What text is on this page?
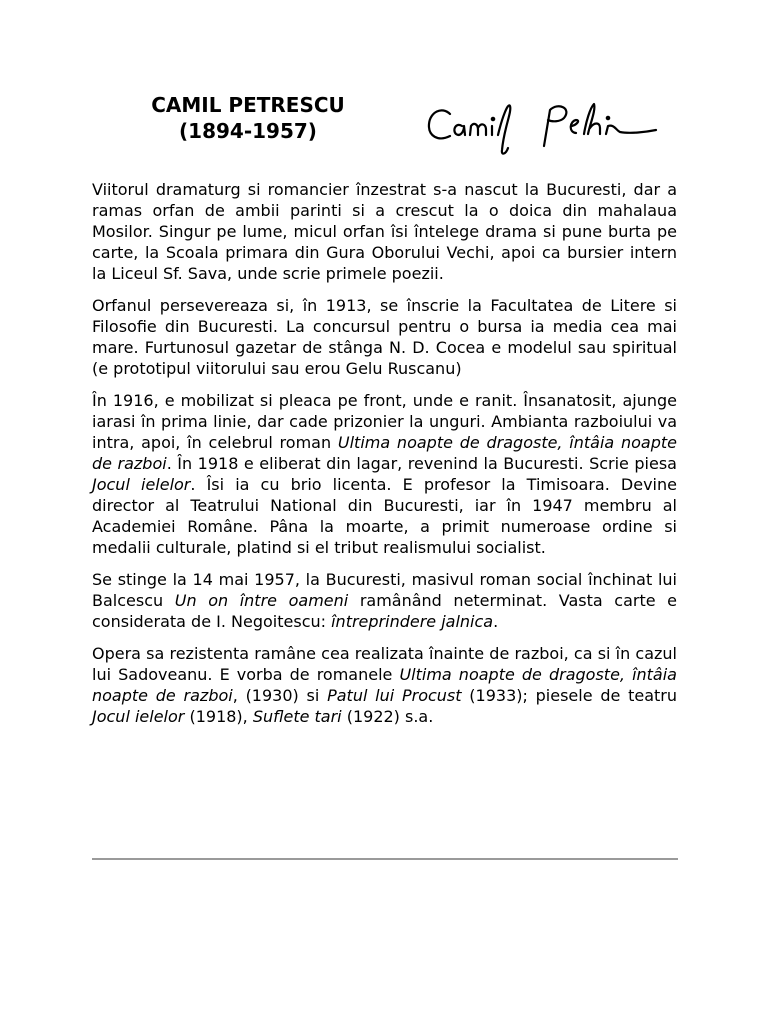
CAMIL PETRESCU
(1894-1957)

Viitorul dramaturg si romancier înzestrat s-a nascut la Bucuresti, dar a ramas orfan de ambii parinti si a crescut la o doica din mahalaua Mosilor. Singur pe lume, micul orfan îsi întelege drama si pune burta pe carte, la Scoala primara din Gura Oborului Vechi, apoi ca bursier intern la Liceul Sf. Sava, unde scrie primele poezii.

Orfanul persevereaza si, în 1913, se înscrie la Facultatea de Litere si Filosofie din Bucuresti. La concursul pentru o bursa ia media cea mai mare. Furtunosul gazetar de stânga N. D. Cocea e modelul sau spiritual (e prototipul viitorului sau erou Gelu Ruscanu)

În 1916, e mobilizat si pleaca pe front, unde e ranit. Însanatosit, ajunge iarasi în prima linie, dar cade prizonier la unguri. Ambianta razboiului va intra, apoi, în celebrul roman Ultima noapte de dragoste, întâia noapte de razboi. În 1918 e eliberat din lagar, revenind la Bucuresti. Scrie piesa Jocul ielelor. Îsi ia cu brio licenta. E profesor la Timisoara. Devine director al Teatrului National din Bucuresti, iar în 1947 membru al Academiei Române. Pâna la moarte, a primit numeroase ordine si medalii culturale, platind si el tribut realismului socialist.

Se stinge la 14 mai 1957, la Bucuresti, masivul roman social închinat lui Balcescu Un on între oameni ramânând neterminat. Vasta carte e considerata de I. Negoitescu: întreprindere jalnica.

Opera sa rezistenta ramâne cea realizata înainte de razboi, ca si în cazul lui Sadoveanu. E vorba de romanele Ultima noapte de dragoste, întâia noapte de razboi, (1930) si Patul lui Procust (1933); piesele de teatru Jocul ielelor (1918), Suflete tari (1922) s.a.
